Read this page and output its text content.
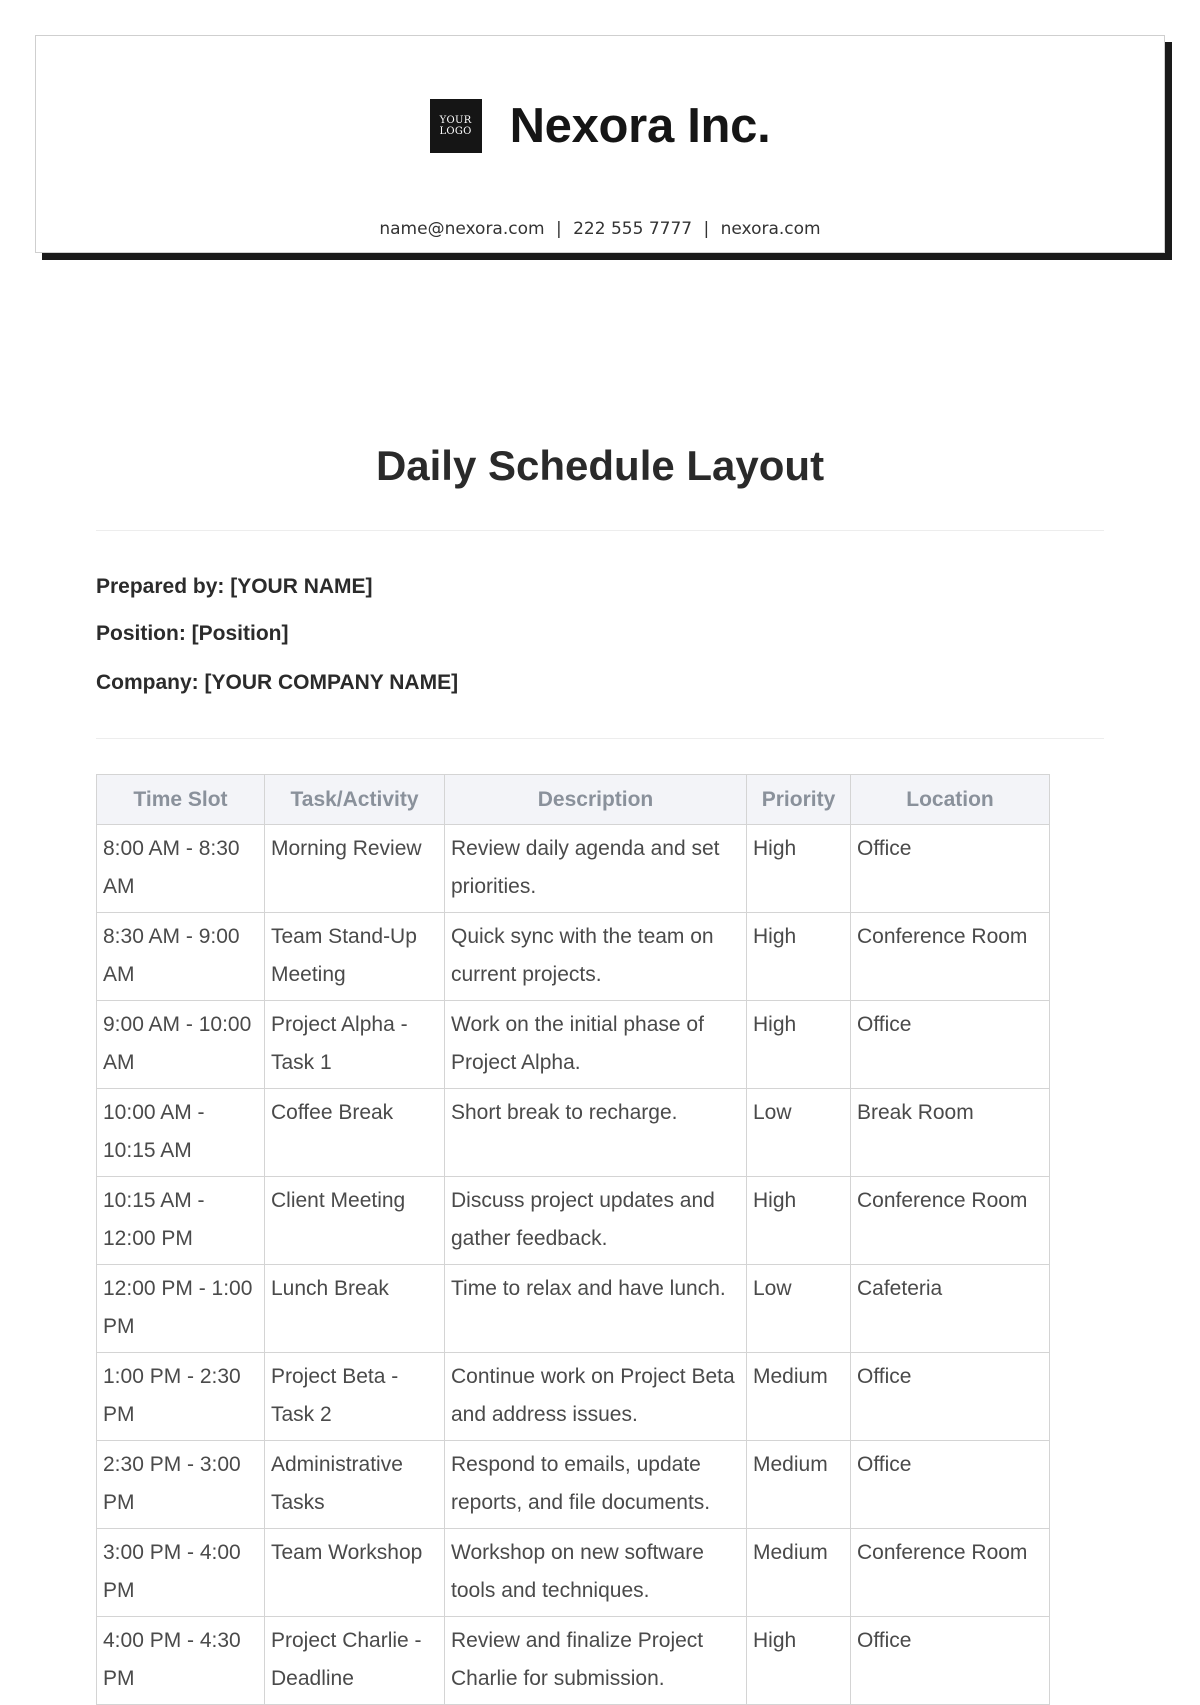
YOUR
LOGO Nexora Inc.
name@nexora.com | 222 555 7777 | nexora.com
Daily Schedule Layout
Prepared by: [YOUR NAME]
Position: [Position]
Company: [YOUR COMPANY NAME]
Time Slot	Task/Activity	Description	Priority	Location
8:00 AM - 8:30 AM	Morning Review	Review daily agenda and set priorities.	High	Office
8:30 AM - 9:00 AM	Team Stand-Up Meeting	Quick sync with the team on current projects.	High	Conference Room
9:00 AM - 10:00 AM	Project Alpha - Task 1	Work on the initial phase of Project Alpha.	High	Office
10:00 AM - 10:15 AM	Coffee Break	Short break to recharge.	Low	Break Room
10:15 AM - 12:00 PM	Client Meeting	Discuss project updates and gather feedback.	High	Conference Room
12:00 PM - 1:00 PM	Lunch Break	Time to relax and have lunch.	Low	Cafeteria
1:00 PM - 2:30 PM	Project Beta - Task 2	Continue work on Project Beta and address issues.	Medium	Office
2:30 PM - 3:00 PM	Administrative Tasks	Respond to emails, update reports, and file documents.	Medium	Office
3:00 PM - 4:00 PM	Team Workshop	Workshop on new software tools and techniques.	Medium	Conference Room
4:00 PM - 4:30 PM	Project Charlie - Deadline	Review and finalize Project Charlie for submission.	High	Office
